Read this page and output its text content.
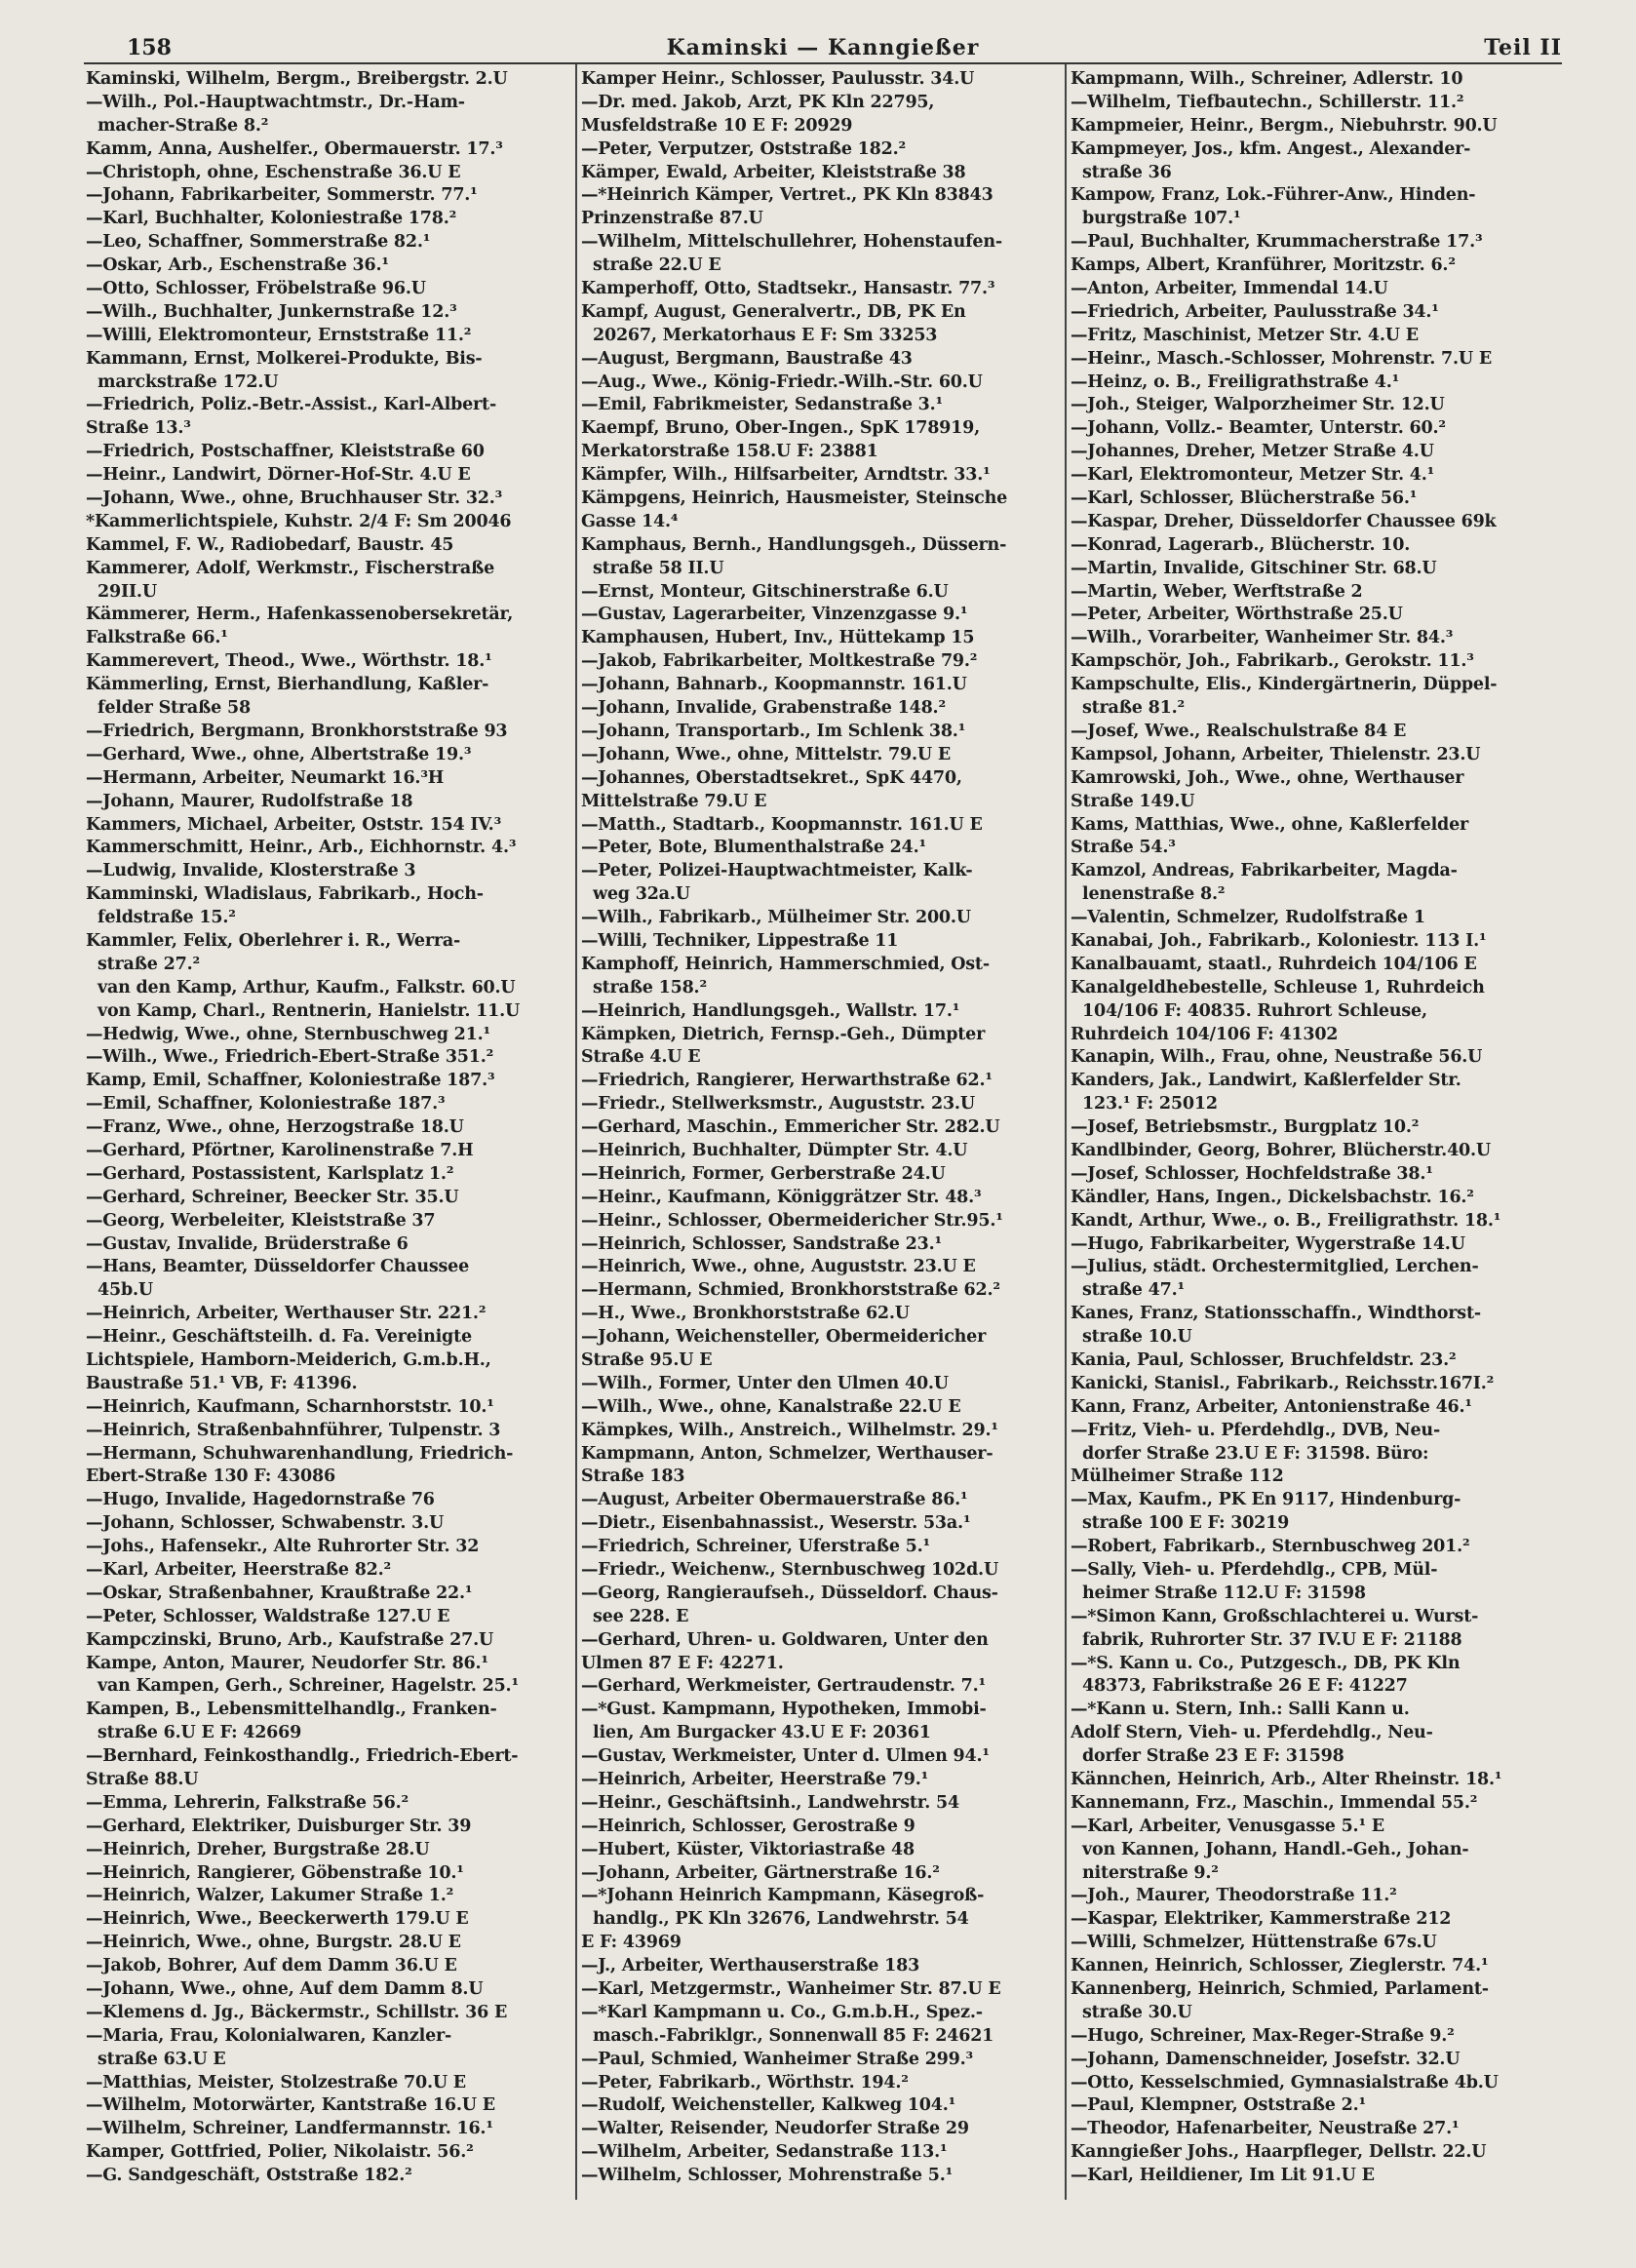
158	Kaminski — Kanngießer	Teil II
Kaminski, Wilhelm, Bergm., Breibergstr. 2.U
—Wilh., Pol.-Hauptwachtmstr., Dr.-Ham-
macher-Straße 8.²
Kamm, Anna, Aushelfer., Obermauerstr. 17.³
—Christoph, ohne, Eschenstraße 36.U E
—Johann, Fabrikarbeiter, Sommerstr. 77.¹
—Karl, Buchhalter, Koloniestraße 178.²
—Leo, Schaffner, Sommerstraße 82.¹
—Oskar, Arb., Eschenstraße 36.¹
—Otto, Schlosser, Fröbelstraße 96.U
—Wilh., Buchhalter, Junkernstraße 12.³
—Willi, Elektromonteur, Ernststraße 11.²
Kammann, Ernst, Molkerei-Produkte, Bis-
marckstraße 172.U
—Friedrich, Poliz.-Betr.-Assist., Karl-Albert-
Straße 13.³
—Friedrich, Postschaffner, Kleiststraße 60
—Heinr., Landwirt, Dörner-Hof-Str. 4.U E
—Johann, Wwe., ohne, Bruchhauser Str. 32.³
*Kammerlichtspiele, Kuhstr. 2/4 F: Sm 20046
Kammel, F. W., Radiobedarf, Baustr. 45
Kammerer, Adolf, Werkmstr., Fischerstraße
29II.U
Kämmerer, Herm., Hafenkassenobersekretär,
Falkstraße 66.¹
Kammerevert, Theod., Wwe., Wörthstr. 18.¹
Kämmerling, Ernst, Bierhandlung, Kaßler-
felder Straße 58
—Friedrich, Bergmann, Bronkhorststraße 93
—Gerhard, Wwe., ohne, Albertstraße 19.³
—Hermann, Arbeiter, Neumarkt 16.³H
—Johann, Maurer, Rudolfstraße 18
Kammers, Michael, Arbeiter, Oststr. 154 IV.³
Kammerschmitt, Heinr., Arb., Eichhornstr. 4.³
—Ludwig, Invalide, Klosterstraße 3
Kamminski, Wladislaus, Fabrikarb., Hoch-
feldstraße 15.²
Kammler, Felix, Oberlehrer i. R., Werra-
straße 27.²
van den Kamp, Arthur, Kaufm., Falkstr. 60.U
von Kamp, Charl., Rentnerin, Hanielstr. 11.U
—Hedwig, Wwe., ohne, Sternbuschweg 21.¹
—Wilh., Wwe., Friedrich-Ebert-Straße 351.²
Kamp, Emil, Schaffner, Koloniestraße 187.³
—Emil, Schaffner, Koloniestraße 187.³
—Franz, Wwe., ohne, Herzogstraße 18.U
—Gerhard, Pförtner, Karolinenstraße 7.H
—Gerhard, Postassistent, Karlsplatz 1.²
—Gerhard, Schreiner, Beecker Str. 35.U
—Georg, Werbeleiter, Kleiststraße 37
—Gustav, Invalide, Brüderstraße 6
—Hans, Beamter, Düsseldorfer Chaussee
45b.U
—Heinrich, Arbeiter, Werthauser Str. 221.²
—Heinr., Geschäftsteilh. d. Fa. Vereinigte
Lichtspiele, Hamborn-Meiderich, G.m.b.H.,
Baustraße 51.¹ VB, F: 41396.
—Heinrich, Kaufmann, Scharnhorststr. 10.¹
—Heinrich, Straßenbahnführer, Tulpenstr. 3
—Hermann, Schuhwarenhandlung, Friedrich-
Ebert-Straße 130 F: 43086
—Hugo, Invalide, Hagedornstraße 76
—Johann, Schlosser, Schwabenstr. 3.U
—Johs., Hafensekr., Alte Ruhrorter Str. 32
—Karl, Arbeiter, Heerstraße 82.²
—Oskar, Straßenbahner, Kraußtraße 22.¹
—Peter, Schlosser, Waldstraße 127.U E
Kampczinski, Bruno, Arb., Kaufstraße 27.U
Kampe, Anton, Maurer, Neudorfer Str. 86.¹
van Kampen, Gerh., Schreiner, Hagelstr. 25.¹
Kampen, B., Lebensmittelhandlg., Franken-
straße 6.U E F: 42669
—Bernhard, Feinkosthandlg., Friedrich-Ebert-
Straße 88.U
—Emma, Lehrerin, Falkstraße 56.²
—Gerhard, Elektriker, Duisburger Str. 39
—Heinrich, Dreher, Burgstraße 28.U
—Heinrich, Rangierer, Göbenstraße 10.¹
—Heinrich, Walzer, Lakumer Straße 1.²
—Heinrich, Wwe., Beeckerwerth 179.U E
—Heinrich, Wwe., ohne, Burgstr. 28.U E
—Jakob, Bohrer, Auf dem Damm 36.U E
—Johann, Wwe., ohne, Auf dem Damm 8.U
—Klemens d. Jg., Bäckermstr., Schillstr. 36 E
—Maria, Frau, Kolonialwaren, Kanzler-
straße 63.U E
—Matthias, Meister, Stolzestraße 70.U E
—Wilhelm, Motorwärter, Kantstraße 16.U E
—Wilhelm, Schreiner, Landfermannstr. 16.¹
Kamper, Gottfried, Polier, Nikolaistr. 56.²
—G. Sandgeschäft, Oststraße 182.²
Kamper Heinr., Schlosser, Paulusstr. 34.U
—Dr. med. Jakob, Arzt, PK Kln 22795,
Musfeldstraße 10 E F: 20929
—Peter, Verputzer, Oststraße 182.²
Kämper, Ewald, Arbeiter, Kleiststraße 38
—*Heinrich Kämper, Vertret., PK Kln 83843
Prinzenstraße 87.U
—Wilhelm, Mittelschullehrer, Hohenstaufen-
straße 22.U E
Kamperhoff, Otto, Stadtsekr., Hansastr. 77.³
Kampf, August, Generalvertr., DB, PK En
20267, Merkatorhaus E F: Sm 33253
—August, Bergmann, Baustraße 43
—Aug., Wwe., König-Friedr.-Wilh.-Str. 60.U
—Emil, Fabrikmeister, Sedanstraße 3.¹
Kaempf, Bruno, Ober-Ingen., SpK 178919,
Merkatorstraße 158.U F: 23881
Kämpfer, Wilh., Hilfsarbeiter, Arndtstr. 33.¹
Kämpgens, Heinrich, Hausmeister, Steinsche
Gasse 14.⁴
Kamphaus, Bernh., Handlungsgeh., Düssern-
straße 58 II.U
—Ernst, Monteur, Gitschinerstraße 6.U
—Gustav, Lagerarbeiter, Vinzenzgasse 9.¹
Kamphausen, Hubert, Inv., Hüttekamp 15
—Jakob, Fabrikarbeiter, Moltkestraße 79.²
—Johann, Bahnarb., Koopmannstr. 161.U
—Johann, Invalide, Grabenstraße 148.²
—Johann, Transportarb., Im Schlenk 38.¹
—Johann, Wwe., ohne, Mittelstr. 79.U E
—Johannes, Oberstadtsekret., SpK 4470,
Mittelstraße 79.U E
—Matth., Stadtarb., Koopmannstr. 161.U E
—Peter, Bote, Blumenthalstraße 24.¹
—Peter, Polizei-Hauptwachtmeister, Kalk-
weg 32a.U
—Wilh., Fabrikarb., Mülheimer Str. 200.U
—Willi, Techniker, Lippestraße 11
Kamphoff, Heinrich, Hammerschmied, Ost-
straße 158.²
—Heinrich, Handlungsgeh., Wallstr. 17.¹
Kämpken, Dietrich, Fernsp.-Geh., Dümpter
Straße 4.U E
—Friedrich, Rangierer, Herwarthstraße 62.¹
—Friedr., Stellwerksmstr., Auguststr. 23.U
—Gerhard, Maschin., Emmericher Str. 282.U
—Heinrich, Buchhalter, Dümpter Str. 4.U
—Heinrich, Former, Gerberstraße 24.U
—Heinr., Kaufmann, Königgrätzer Str. 48.³
—Heinr., Schlosser, Obermeidericher Str.95.¹
—Heinrich, Schlosser, Sandstraße 23.¹
—Heinrich, Wwe., ohne, Auguststr. 23.U E
—Hermann, Schmied, Bronkhorststraße 62.²
—H., Wwe., Bronkhorststraße 62.U
—Johann, Weichensteller, Obermeidericher
Straße 95.U E
—Wilh., Former, Unter den Ulmen 40.U
—Wilh., Wwe., ohne, Kanalstraße 22.U E
Kämpkes, Wilh., Anstreich., Wilhelmstr. 29.¹
Kampmann, Anton, Schmelzer, Werthauser-
Straße 183
—August, Arbeiter Obermauerstraße 86.¹
—Dietr., Eisenbahnassist., Weserstr. 53a.¹
—Friedrich, Schreiner, Uferstraße 5.¹
—Friedr., Weichenw., Sternbuschweg 102d.U
—Georg, Rangieraufseh., Düsseldorf. Chaus-
see 228. E
—Gerhard, Uhren- u. Goldwaren, Unter den
Ulmen 87 E F: 42271.
—Gerhard, Werkmeister, Gertraudenstr. 7.¹
—*Gust. Kampmann, Hypotheken, Immobi-
lien, Am Burgacker 43.U E F: 20361
—Gustav, Werkmeister, Unter d. Ulmen 94.¹
—Heinrich, Arbeiter, Heerstraße 79.¹
—Heinr., Geschäftsinh., Landwehrstr. 54
—Heinrich, Schlosser, Gerostraße 9
—Hubert, Küster, Viktoriastraße 48
—Johann, Arbeiter, Gärtnerstraße 16.²
—*Johann Heinrich Kampmann, Käsegroß-
handlg., PK Kln 32676, Landwehrstr. 54
E F: 43969
—J., Arbeiter, Werthauserstraße 183
—Karl, Metzgermstr., Wanheimer Str. 87.U E
—*Karl Kampmann u. Co., G.m.b.H., Spez.-
masch.-Fabriklgr., Sonnenwall 85 F: 24621
—Paul, Schmied, Wanheimer Straße 299.³
—Peter, Fabrikarb., Wörthstr. 194.²
—Rudolf, Weichensteller, Kalkweg 104.¹
—Walter, Reisender, Neudorfer Straße 29
—Wilhelm, Arbeiter, Sedanstraße 113.¹
—Wilhelm, Schlosser, Mohrenstraße 5.¹
Kampmann, Wilh., Schreiner, Adlerstr. 10
—Wilhelm, Tiefbautechn., Schillerstr. 11.²
Kampmeier, Heinr., Bergm., Niebuhrstr. 90.U
Kampmeyer, Jos., kfm. Angest., Alexander-
straße 36
Kampow, Franz, Lok.-Führer-Anw., Hinden-
burgstraße 107.¹
—Paul, Buchhalter, Krummacherstraße 17.³
Kamps, Albert, Kranführer, Moritzstr. 6.²
—Anton, Arbeiter, Immendal 14.U
—Friedrich, Arbeiter, Paulusstraße 34.¹
—Fritz, Maschinist, Metzer Str. 4.U E
—Heinr., Masch.-Schlosser, Mohrenstr. 7.U E
—Heinz, o. B., Freiligrathstraße 4.¹
—Joh., Steiger, Walporzheimer Str. 12.U
—Johann, Vollz.- Beamter, Unterstr. 60.²
—Johannes, Dreher, Metzer Straße 4.U
—Karl, Elektromonteur, Metzer Str. 4.¹
—Karl, Schlosser, Blücherstraße 56.¹
—Kaspar, Dreher, Düsseldorfer Chaussee 69k
—Konrad, Lagerarb., Blücherstr. 10.
—Martin, Invalide, Gitschiner Str. 68.U
—Martin, Weber, Werftstraße 2
—Peter, Arbeiter, Wörthstraße 25.U
—Wilh., Vorarbeiter, Wanheimer Str. 84.³
Kampschör, Joh., Fabrikarb., Gerokstr. 11.³
Kampschulte, Elis., Kindergärtnerin, Düppel-
straße 81.²
—Josef, Wwe., Realschulstraße 84 E
Kampsol, Johann, Arbeiter, Thielenstr. 23.U
Kamrowski, Joh., Wwe., ohne, Werthauser
Straße 149.U
Kams, Matthias, Wwe., ohne, Kaßlerfelder
Straße 54.³
Kamzol, Andreas, Fabrikarbeiter, Magda-
lenenstraße 8.²
—Valentin, Schmelzer, Rudolfstraße 1
Kanabai, Joh., Fabrikarb., Koloniestr. 113 I.¹
Kanalbauamt, staatl., Ruhrdeich 104/106 E
Kanalgeldhebestelle, Schleuse 1, Ruhrdeich
104/106 F: 40835. Ruhrort Schleuse,
Ruhrdeich 104/106 F: 41302
Kanapin, Wilh., Frau, ohne, Neustraße 56.U
Kanders, Jak., Landwirt, Kaßlerfelder Str.
123.¹ F: 25012
—Josef, Betriebsmstr., Burgplatz 10.²
Kandlbinder, Georg, Bohrer, Blücherstr.40.U
—Josef, Schlosser, Hochfeldstraße 38.¹
Kändler, Hans, Ingen., Dickelsbachstr. 16.²
Kandt, Arthur, Wwe., o. B., Freiligrathstr. 18.¹
—Hugo, Fabrikarbeiter, Wygerstraße 14.U
—Julius, städt. Orchestermitglied, Lerchen-
straße 47.¹
Kanes, Franz, Stationsschaffn., Windthorst-
straße 10.U
Kania, Paul, Schlosser, Bruchfeldstr. 23.²
Kanicki, Stanisl., Fabrikarb., Reichsstr.167I.²
Kann, Franz, Arbeiter, Antonienstraße 46.¹
—Fritz, Vieh- u. Pferdehdlg., DVB, Neu-
dorfer Straße 23.U E F: 31598. Büro:
Mülheimer Straße 112
—Max, Kaufm., PK En 9117, Hindenburg-
straße 100 E F: 30219
—Robert, Fabrikarb., Sternbuschweg 201.²
—Sally, Vieh- u. Pferdehdlg., CPB, Mül-
heimer Straße 112.U F: 31598
—*Simon Kann, Großschlachterei u. Wurst-
fabrik, Ruhrorter Str. 37 IV.U E F: 21188
—*S. Kann u. Co., Putzgesch., DB, PK Kln
48373, Fabrikstraße 26 E F: 41227
—*Kann u. Stern, Inh.: Salli Kann u.
Adolf Stern, Vieh- u. Pferdehdlg., Neu-
dorfer Straße 23 E F: 31598
Kännchen, Heinrich, Arb., Alter Rheinstr. 18.¹
Kannemann, Frz., Maschin., Immendal 55.²
—Karl, Arbeiter, Venusgasse 5.¹ E
von Kannen, Johann, Handl.-Geh., Johan-
niterstraße 9.²
—Joh., Maurer, Theodorstraße 11.²
—Kaspar, Elektriker, Kammerstraße 212
—Willi, Schmelzer, Hüttenstraße 67s.U
Kannen, Heinrich, Schlosser, Zieglerstr. 74.¹
Kannenberg, Heinrich, Schmied, Parlament-
straße 30.U
—Hugo, Schreiner, Max-Reger-Straße 9.²
—Johann, Damenschneider, Josefstr. 32.U
—Otto, Kesselschmied, Gymnasialstraße 4b.U
—Paul, Klempner, Oststraße 2.¹
—Theodor, Hafenarbeiter, Neustraße 27.¹
Kanngießer Johs., Haarpfleger, Dellstr. 22.U
—Karl, Heildiener, Im Lit 91.U E
